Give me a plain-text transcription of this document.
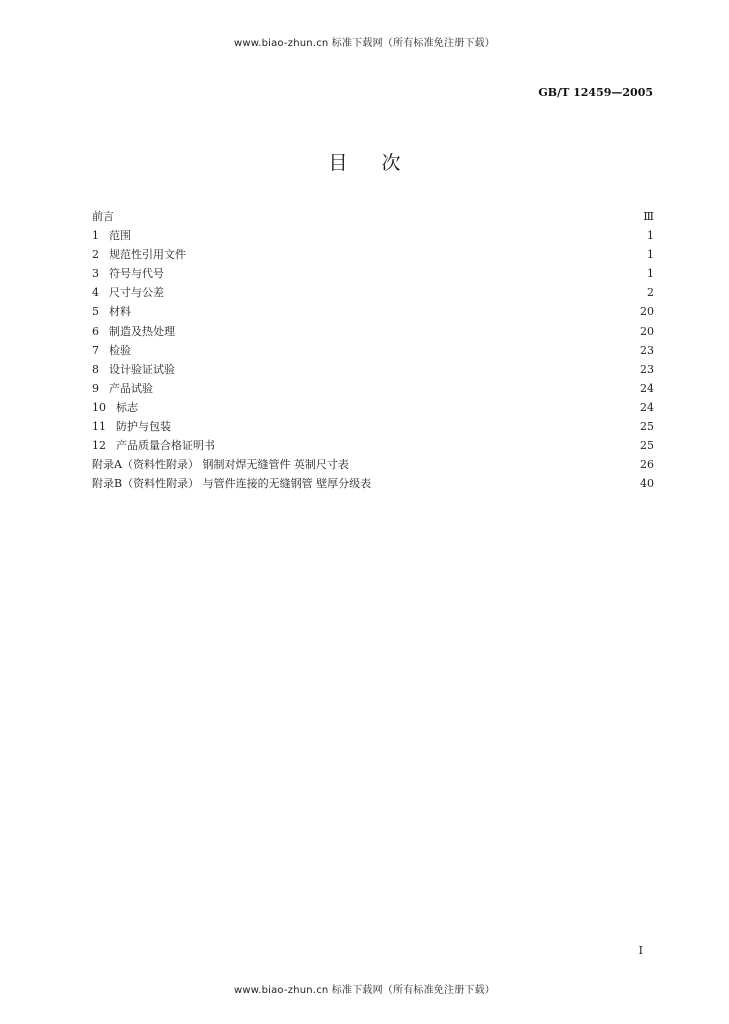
www.biao-zhun.cn 标准下载网（所有标准免注册下载）
GB/T 12459—2005
目次
前言	Ⅲ
1 范围	1
2 规范性引用文件	1
3 符号与代号	1
4 尺寸与公差	2
5 材料	20
6 制造及热处理	20
7 检验	23
8 设计验证试验	23
9 产品试验	24
10 标志	24
11 防护与包装	25
12 产品质量合格证明书	25
附录A（资料性附录） 钢制对焊无缝管件 英制尺寸表	26
附录B（资料性附录） 与管件连接的无缝钢管 壁厚分级表	40
I
www.biao-zhun.cn 标准下载网（所有标准免注册下载）
